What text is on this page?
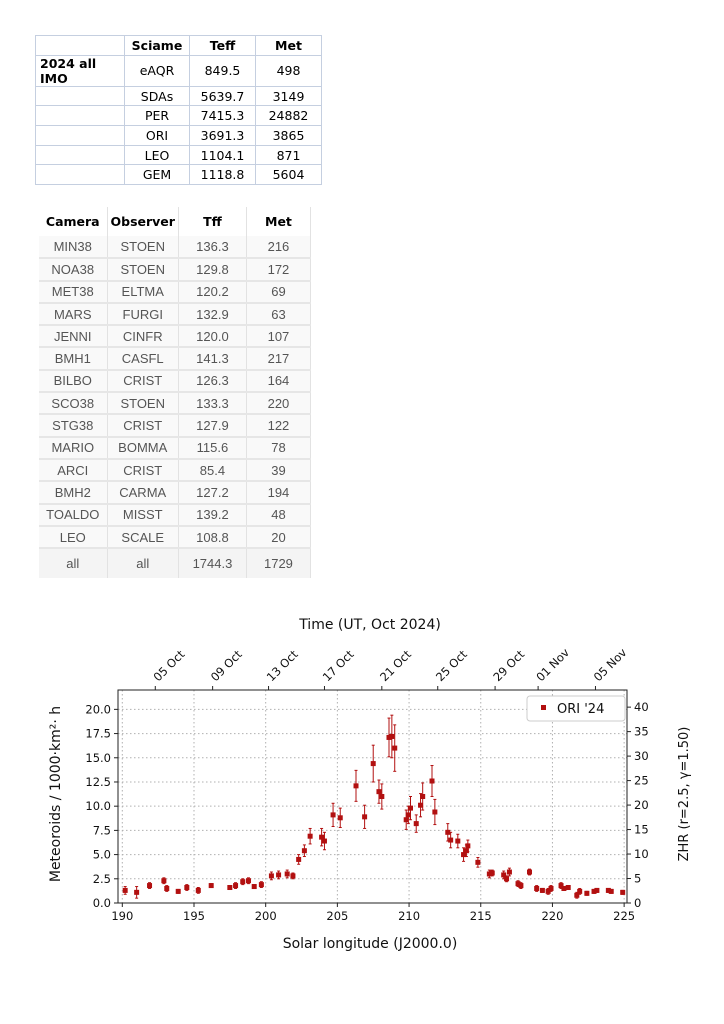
	Sciame	Teff	Met
2024 all IMO	eAQR	849.5	498
	SDAs	5639.7	3149
	PER	7415.3	24882
	ORI	3691.3	3865
	LEO	1104.1	871
	GEM	1118.8	5604
Camera	Observer	Tff	Met
MIN38	STOEN	136.3	216
NOA38	STOEN	129.8	172
MET38	ELTMA	120.2	69
MARS	FURGI	132.9	63
JENNI	CINFR	120.0	107
BMH1	CASFL	141.3	217
BILBO	CRIST	126.3	164
SCO38	STOEN	133.3	220
STG38	CRIST	127.9	122
MARIO	BOMMA	115.6	78
ARCI	CRIST	85.4	39
BMH2	CARMA	127.2	194
TOALDO	MISST	139.2	48
LEO	SCALE	108.8	20
all	all	1744.3	1729
190	195	200	205	210	215	220	225
0.0
2.5
5.0
7.5
10.0
12.5
15.0
17.5
20.0
0
5
10
15
20
25
30
35
40
05 Oct 09 Oct 13 Oct 17 Oct 21 Oct 25 Oct 29 Oct 01 Nov 05 Nov
Time (UT, Oct 2024)
Solar longitude (J2000.0)
Meteoroids / 1000·km²· h	ZHR (r=2.5, γ=1.50)
ORI '24
